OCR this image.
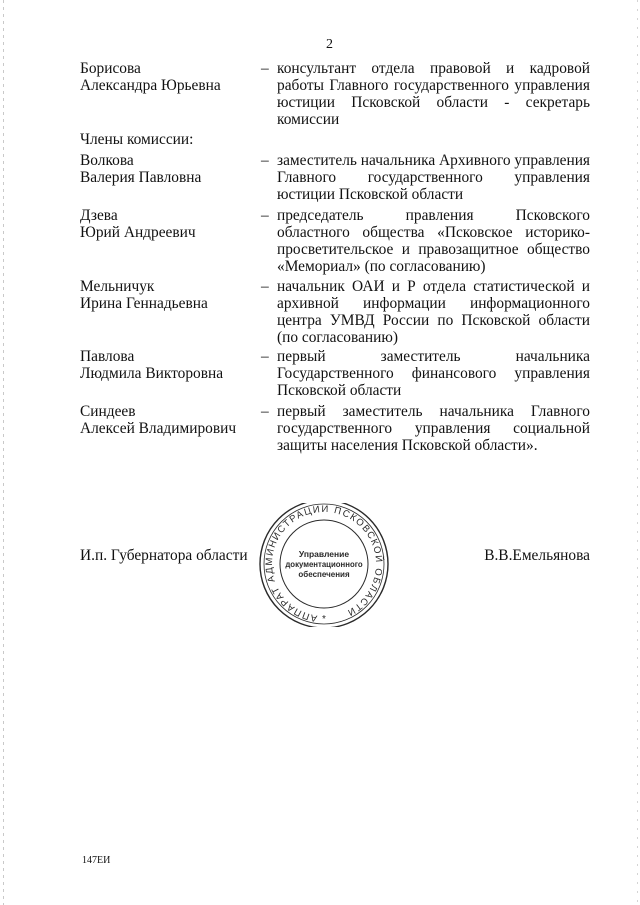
2
Борисова
Александра Юрьевна
– консультант отдела правовой и кадровой работы Главного государственного управления юстиции Псковской области - секретарь комиссии
Члены комиссии:
Волкова
Валерия Павловна
– заместитель начальника Архивного управления Главного государственного управления юстиции Псковской области
Дзева
Юрий Андреевич
– председатель правления Псковского областного общества «Псковское историко-просветительское и правозащитное общество «Мемориал» (по согласованию)
Мельничук
Ирина Геннадьевна
– начальник ОАИ и Р отдела статистической и архивной информации информационного центра УМВД России по Псковской области (по согласованию)
Павлова
Людмила Викторовна
– первый заместитель начальника Государственного финансового управления Псковской области
Синдеев
Алексей Владимирович
– первый заместитель начальника Главного государственного управления социальной защиты населения Псковской области».
И.п. Губернатора области	В.В.Емельянова
АППАРАТ АДМИНИСТРАЦИИ ПСКОВСКОЙ ОБЛАСТИ
Управление
документационного
обеспечения
*
147ЕИ
